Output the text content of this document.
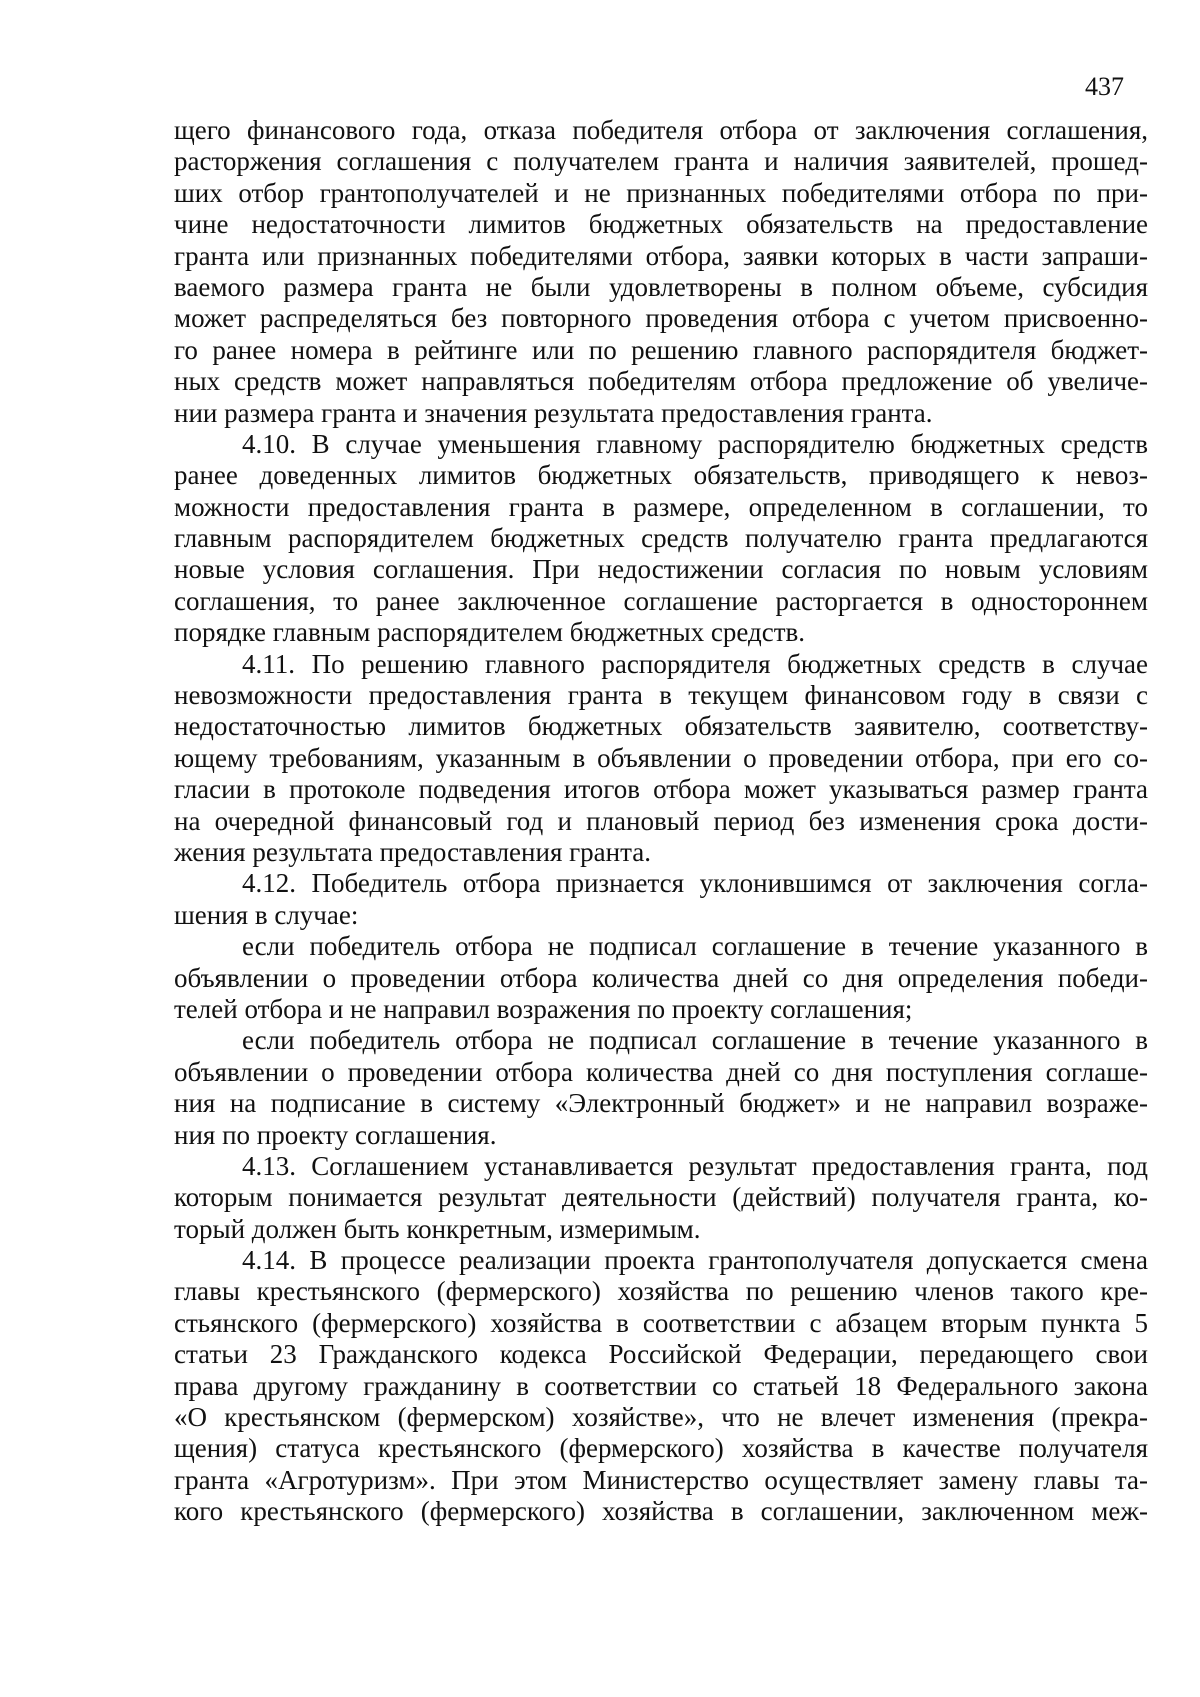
437
щего финансового года, отказа победителя отбора от заключения соглашения,
расторжения соглашения с получателем гранта и наличия заявителей, прошед-
ших отбор грантополучателей и не признанных победителями отбора по при-
чине недостаточности лимитов бюджетных обязательств на предоставление
гранта или признанных победителями отбора, заявки которых в части запраши-
ваемого размера гранта не были удовлетворены в полном объеме, субсидия
может распределяться без повторного проведения отбора с учетом присвоенно-
го ранее номера в рейтинге или по решению главного распорядителя бюджет-
ных средств может направляться победителям отбора предложение об увеличе-
нии размера гранта и значения результата предоставления гранта.
4.10. В случае уменьшения главному распорядителю бюджетных средств
ранее доведенных лимитов бюджетных обязательств, приводящего к невоз-
можности предоставления гранта в размере, определенном в соглашении, то
главным распорядителем бюджетных средств получателю гранта предлагаются
новые условия соглашения. При недостижении согласия по новым условиям
соглашения, то ранее заключенное соглашение расторгается в одностороннем
порядке главным распорядителем бюджетных средств.
4.11. По решению главного распорядителя бюджетных средств в случае
невозможности предоставления гранта в текущем финансовом году в связи с
недостаточностью лимитов бюджетных обязательств заявителю, соответству-
ющему требованиям, указанным в объявлении о проведении отбора, при его со-
гласии в протоколе подведения итогов отбора может указываться размер гранта
на очередной финансовый год и плановый период без изменения срока дости-
жения результата предоставления гранта.
4.12. Победитель отбора признается уклонившимся от заключения согла-
шения в случае:
если победитель отбора не подписал соглашение в течение указанного в
объявлении о проведении отбора количества дней со дня определения победи-
телей отбора и не направил возражения по проекту соглашения;
если победитель отбора не подписал соглашение в течение указанного в
объявлении о проведении отбора количества дней со дня поступления соглаше-
ния на подписание в систему «Электронный бюджет» и не направил возраже-
ния по проекту соглашения.
4.13. Соглашением устанавливается результат предоставления гранта, под
которым понимается результат деятельности (действий) получателя гранта, ко-
торый должен быть конкретным, измеримым.
4.14. В процессе реализации проекта грантополучателя допускается смена
главы крестьянского (фермерского) хозяйства по решению членов такого кре-
стьянского (фермерского) хозяйства в соответствии с абзацем вторым пункта 5
статьи 23 Гражданского кодекса Российской Федерации, передающего свои
права другому гражданину в соответствии со статьей 18 Федерального закона
«О крестьянском (фермерском) хозяйстве», что не влечет изменения (прекра-
щения) статуса крестьянского (фермерского) хозяйства в качестве получателя
гранта «Агротуризм». При этом Министерство осуществляет замену главы та-
кого крестьянского (фермерского) хозяйства в соглашении, заключенном меж-
